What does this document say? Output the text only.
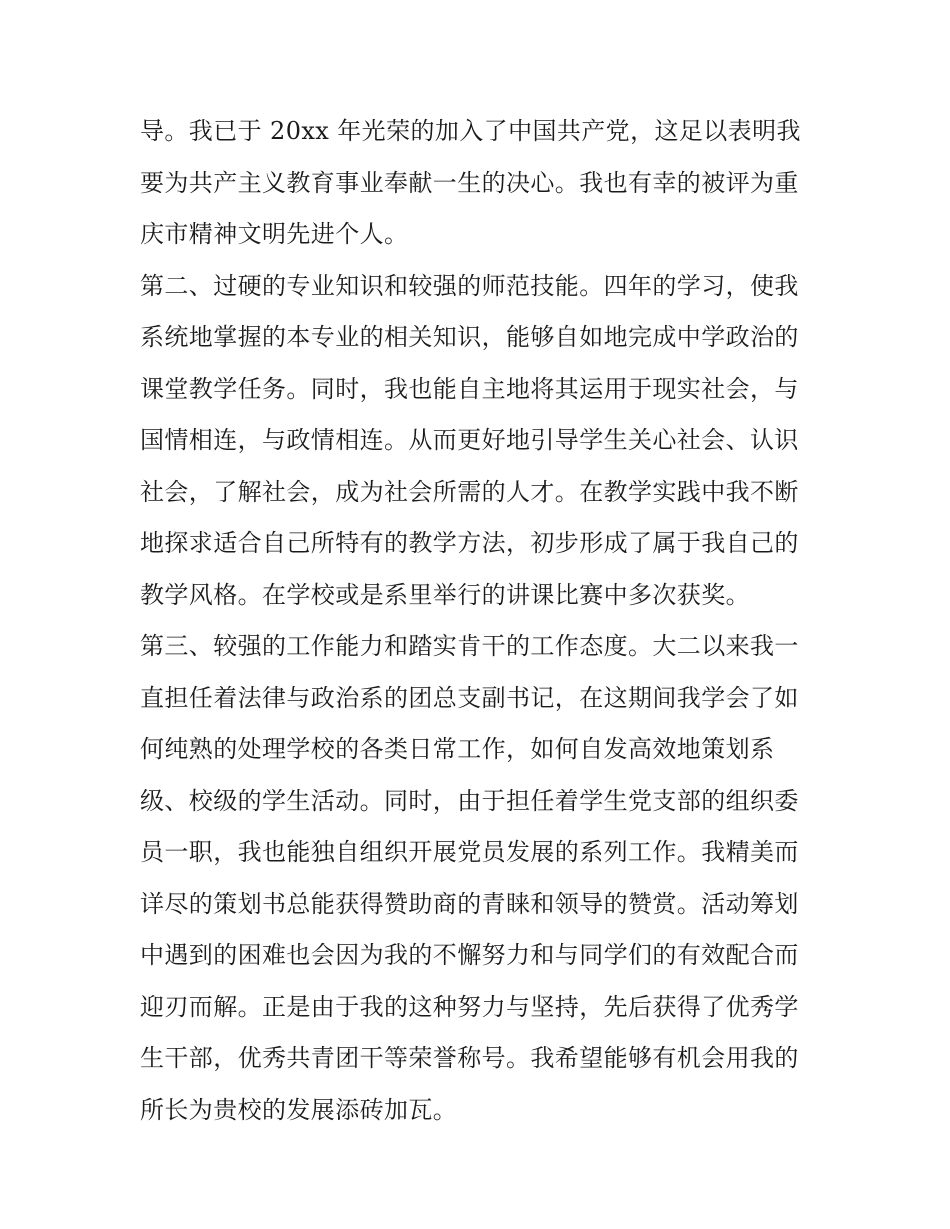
导。我已于 20xx 年光荣的加入了中国共产党，这足以表明我
要为共产主义教育事业奉献一生的决心。我也有幸的被评为重
庆市精神文明先进个人。
第二、过硬的专业知识和较强的师范技能。四年的学习，使我
系统地掌握的本专业的相关知识，能够自如地完成中学政治的
课堂教学任务。同时，我也能自主地将其运用于现实社会，与
国情相连，与政情相连。从而更好地引导学生关心社会、认识
社会，了解社会，成为社会所需的人才。在教学实践中我不断
地探求适合自己所特有的教学方法，初步形成了属于我自己的
教学风格。在学校或是系里举行的讲课比赛中多次获奖。
第三、较强的工作能力和踏实肯干的工作态度。大二以来我一
直担任着法律与政治系的团总支副书记，在这期间我学会了如
何纯熟的处理学校的各类日常工作，如何自发高效地策划系
级、校级的学生活动。同时，由于担任着学生党支部的组织委
员一职，我也能独自组织开展党员发展的系列工作。我精美而
详尽的策划书总能获得赞助商的青睐和领导的赞赏。活动筹划
中遇到的困难也会因为我的不懈努力和与同学们的有效配合而
迎刃而解。正是由于我的这种努力与坚持，先后获得了优秀学
生干部，优秀共青团干等荣誉称号。我希望能够有机会用我的
所长为贵校的发展添砖加瓦。
